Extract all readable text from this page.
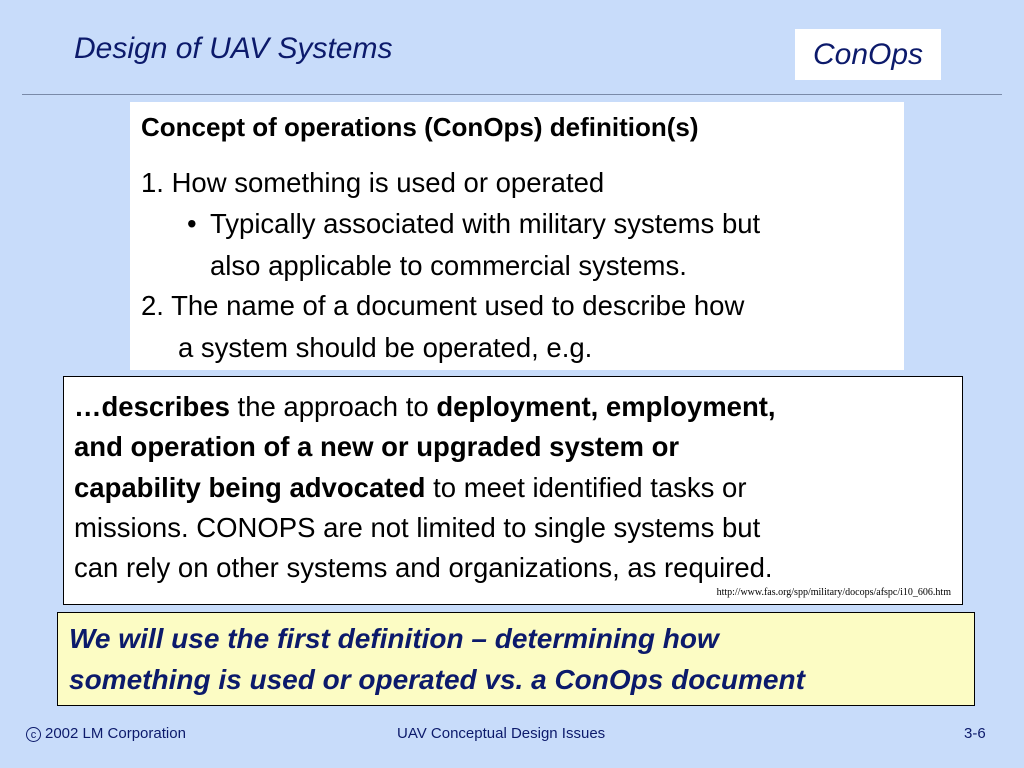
Design of UAV Systems	ConOps
Concept of operations (ConOps) definition(s)
1. How something is used or operated
• Typically associated with military systems but
also applicable to commercial systems.
2. The name of a document used to describe how
a system should be operated, e.g.
…describes the approach to deployment, employment,
and operation of a new or upgraded system or
capability being advocated to meet identified tasks or
missions. CONOPS are not limited to single systems but
can rely on other systems and organizations, as required.
http://www.fas.org/spp/military/docops/afspc/i10_606.htm
We will use the first definition – determining how
something is used or operated vs. a ConOps document
c 2002 LM Corporation	UAV Conceptual Design Issues	3-6
